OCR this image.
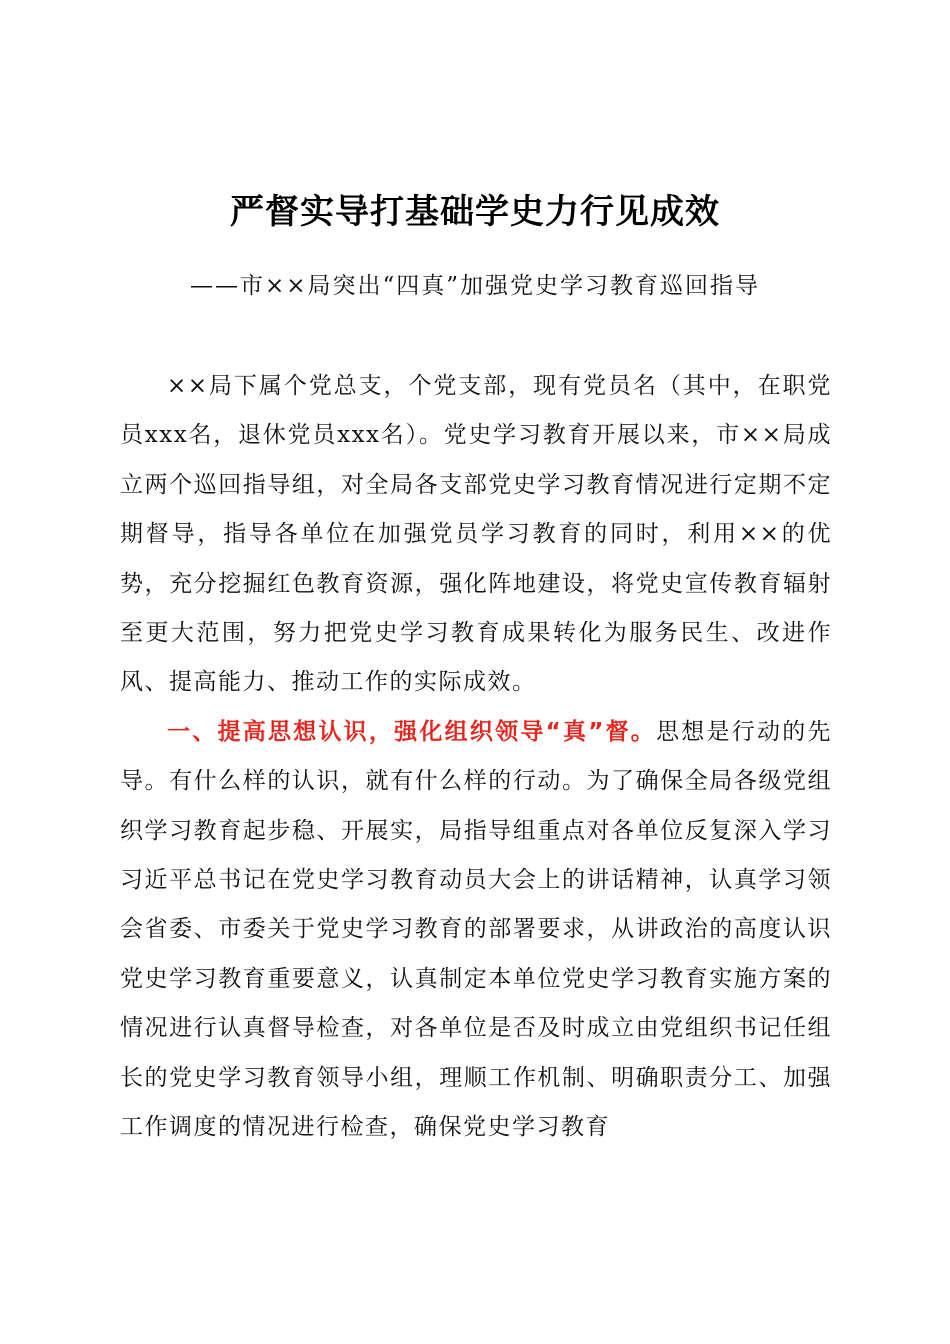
严督实导打基础学史力行见成效

——市××局突出“四真”加强党史学习教育巡回指导

××局下属个党总支，个党支部，现有党员名（其中，在职党员xxx名，退休党员xxx名）。党史学习教育开展以来，市××局成立两个巡回指导组，对全局各支部党史学习教育情况进行定期不定期督导，指导各单位在加强党员学习教育的同时，利用××的优势，充分挖掘红色教育资源，强化阵地建设，将党史宣传教育辐射至更大范围，努力把党史学习教育成果转化为服务民生、改进作风、提高能力、推动工作的实际成效。

一、提高思想认识，强化组织领导“真”督。思想是行动的先导。有什么样的认识，就有什么样的行动。为了确保全局各级党组织学习教育起步稳、开展实，局指导组重点对各单位反复深入学习习近平总书记在党史学习教育动员大会上的讲话精神，认真学习领会省委、市委关于党史学习教育的部署要求，从讲政治的高度认识党史学习教育重要意义，认真制定本单位党史学习教育实施方案的情况进行认真督导检查，对各单位是否及时成立由党组织书记任组长的党史学习教育领导小组，理顺工作机制、明确职责分工、加强工作调度的情况进行检查，确保党史学习教育
